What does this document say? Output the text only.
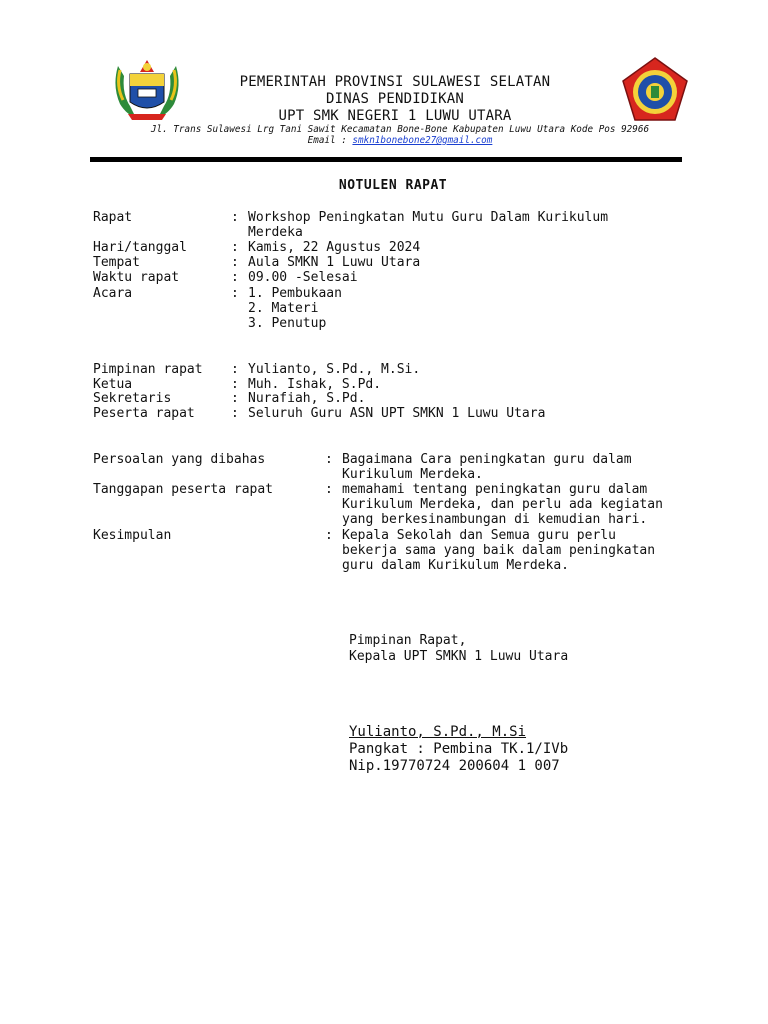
PEMERINTAH PROVINSI SULAWESI SELATAN
DINAS PENDIDIKAN
UPT SMK NEGERI 1 LUWU UTARA
Jl. Trans Sulawesi Lrg Tani Sawit Kecamatan Bone-Bone Kabupaten Luwu Utara Kode Pos 92966
Email : smkn1bonebone27@gmail.com
NOTULEN RAPAT
Rapat	: Workshop Peningkatan Mutu Guru Dalam Kurikulum
Merdeka
Hari/tanggal	: Kamis, 22 Agustus 2024
Tempat	: Aula SMKN 1 Luwu Utara
Waktu rapat	: 09.00 -Selesai
Acara	: 1. Pembukaan
2. Materi
3. Penutup
Pimpinan rapat : Yulianto, S.Pd., M.Si.
Ketua	: Muh. Ishak, S.Pd.
Sekretaris	: Nurafiah, S.Pd.
Peserta rapat	: Seluruh Guru ASN UPT SMKN 1 Luwu Utara
Persoalan yang dibahas	: Bagaimana Cara peningkatan guru dalam
Kurikulum Merdeka.
Tanggapan peserta rapat	: memahami tentang peningkatan guru dalam
Kurikulum Merdeka, dan perlu ada kegiatan
yang berkesinambungan di kemudian hari.
Kesimpulan	: Kepala Sekolah dan Semua guru perlu
bekerja sama yang baik dalam peningkatan
guru dalam Kurikulum Merdeka.
Pimpinan Rapat,
Kepala UPT SMKN 1 Luwu Utara
Yulianto, S.Pd., M.Si
Pangkat : Pembina TK.1/IVb
Nip.19770724 200604 1 007
